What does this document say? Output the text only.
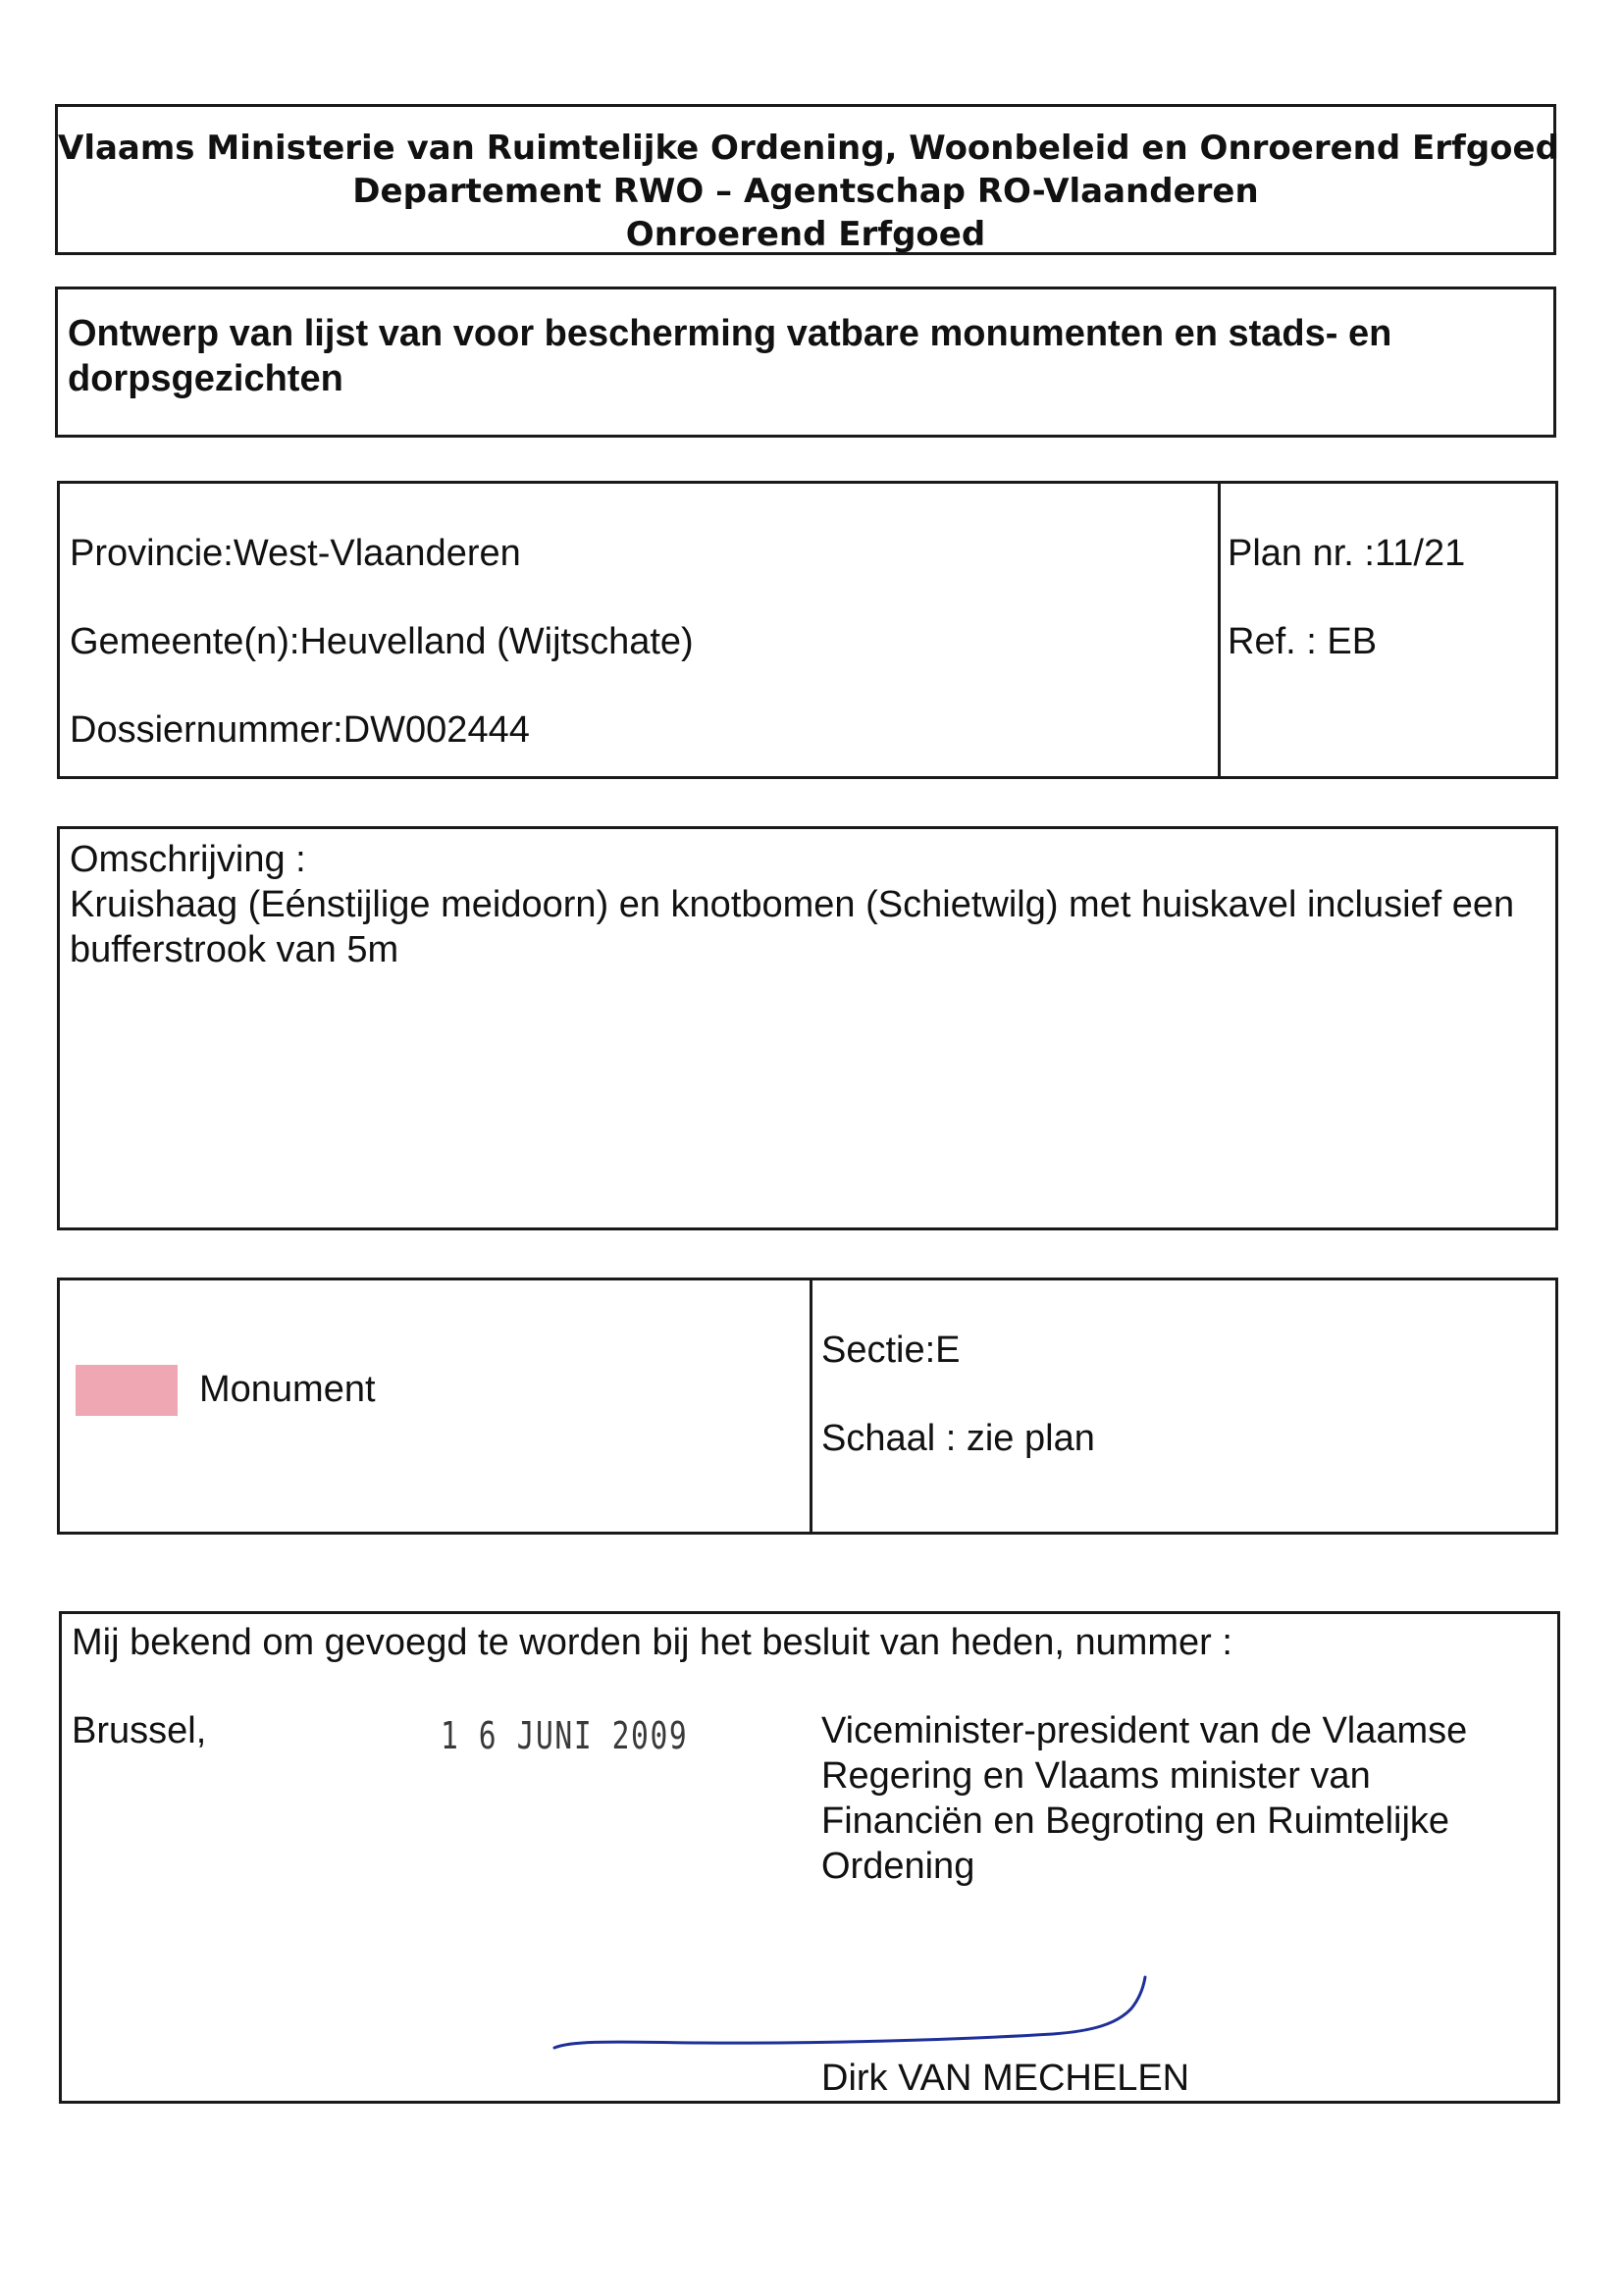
Vlaams Ministerie van Ruimtelijke Ordening, Woonbeleid en Onroerend Erfgoed
Departement RWO – Agentschap RO-Vlaanderen
Onroerend Erfgoed
Ontwerp van lijst van voor bescherming vatbare monumenten en stads- en dorpsgezichten
Provincie:West-Vlaanderen
Gemeente(n):Heuvelland (Wijtschate)
Dossiernummer:DW002444
Plan nr. :11/21
Ref. : EB
Omschrijving :
Kruishaag (Eénstijlige meidoorn) en knotbomen (Schietwilg) met huiskavel inclusief een bufferstrook van 5m
Monument
Sectie:E
Schaal : zie plan
Mij bekend om gevoegd te worden bij het besluit van heden, nummer :
Brussel,	1 6 JUNI 2009	Viceminister-president van de Vlaamse
Regering en Vlaams minister van
Financiën en Begroting en Ruimtelijke
Ordening
Dirk VAN MECHELEN
